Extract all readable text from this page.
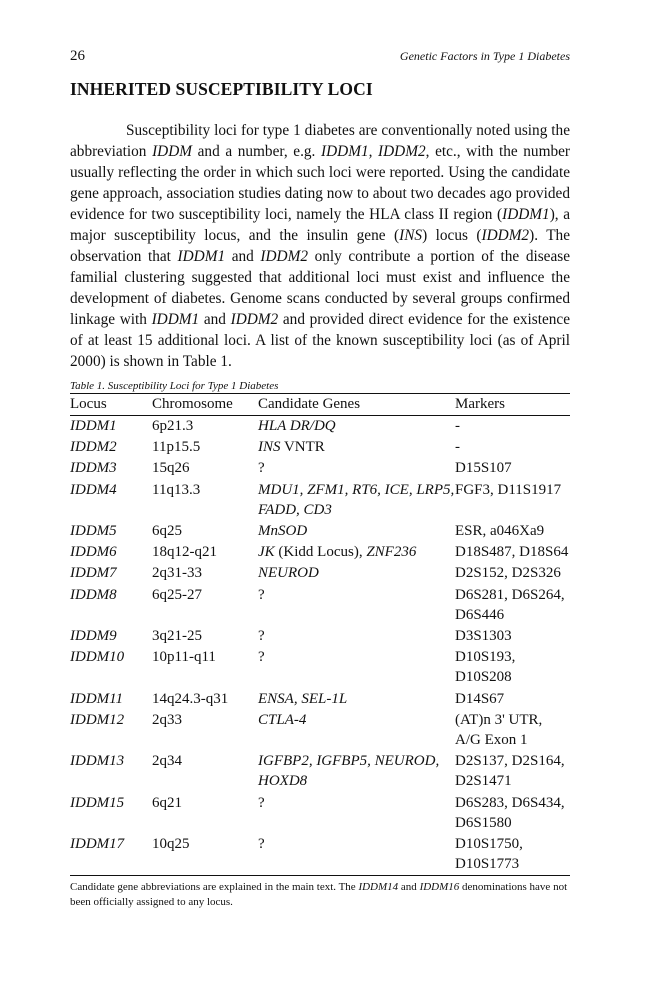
26	Genetic Factors in Type 1 Diabetes
INHERITED SUSCEPTIBILITY LOCI

Susceptibility loci for type 1 diabetes are conventionally noted using the abbreviation IDDM and a number, e.g. IDDM1, IDDM2, etc., with the number usually reflecting the order in which such loci were reported. Using the candidate gene approach, association studies dating now to about two decades ago provided evidence for two susceptibility loci, namely the HLA class II region (IDDM1), a major susceptibility locus, and the insulin gene (INS) locus (IDDM2). The observation that IDDM1 and IDDM2 only contribute a portion of the disease familial clustering suggested that additional loci must exist and influence the development of diabetes. Genome scans conducted by several groups confirmed linkage with IDDM1 and IDDM2 and provided direct evidence for the existence of at least 15 additional loci. A list of the known susceptibility loci (as of April 2000) is shown in Table 1.

Table 1. Susceptibility Loci for Type 1 Diabetes
Locus	Chromosome	Candidate Genes	Markers
IDDM1	6p21.3	HLA DR/DQ	-
IDDM2	11p15.5	INS VNTR	-
IDDM3	15q26	?	D15S107
IDDM4	11q13.3	MDU1, ZFM1, RT6, ICE, LRP5, FADD, CD3	FGF3, D11S1917
IDDM5	6q25	MnSOD	ESR, a046Xa9
IDDM6	18q12-q21	JK (Kidd Locus), ZNF236	D18S487, D18S64
IDDM7	2q31-33	NEUROD	D2S152, D2S326
IDDM8	6q25-27	?	D6S281, D6S264, D6S446
IDDM9	3q21-25	?	D3S1303
IDDM10	10p11-q11	?	D10S193, D10S208
IDDM11	14q24.3-q31	ENSA, SEL-1L	D14S67
IDDM12	2q33	CTLA-4	(AT)n 3' UTR, A/G Exon 1
IDDM13	2q34	IGFBP2, IGFBP5, NEUROD, HOXD8	D2S137, D2S164, D2S1471
IDDM15	6q21	?	D6S283, D6S434, D6S1580
IDDM17	10q25	?	D10S1750, D10S1773
Candidate gene abbreviations are explained in the main text. The IDDM14 and IDDM16 denominations have not been officially assigned to any locus.
